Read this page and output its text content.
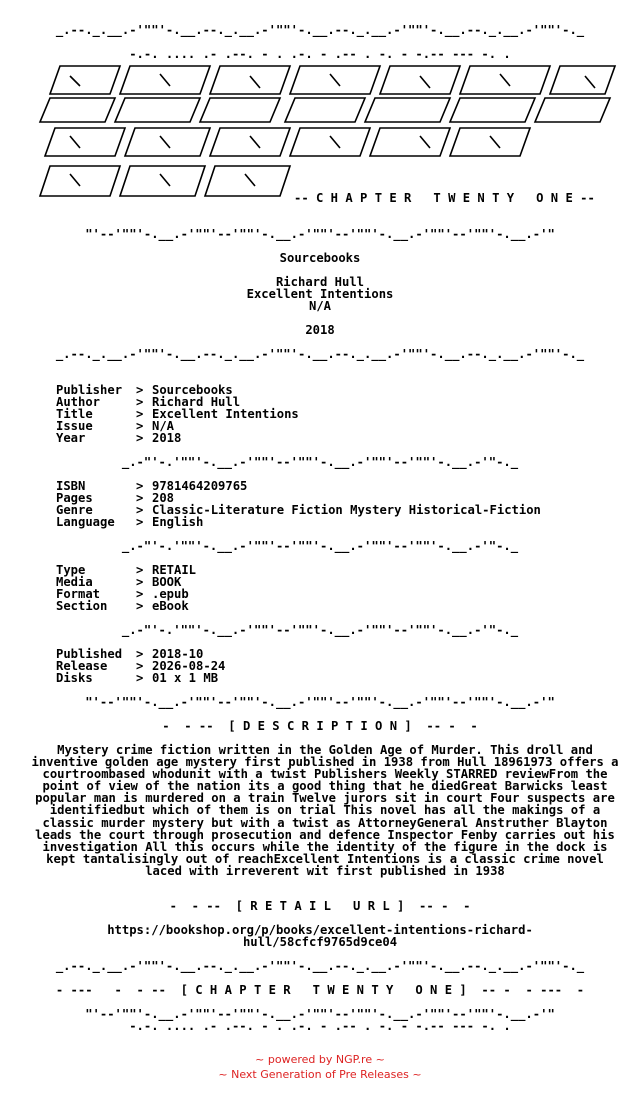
_.--._.__.-'""'-.__.--._.__.-'""'-.__.--._.__.-'""'-.__.--._.__.-'""'-._
-.-. .... .- .--. - . .-. - .-- . -. - -.-- --- -. .
-- C H A P T E R   T W E N T Y   O N E --
"'--'""'-.__.-'""'--'""'-.__.-'""'--'""'-.__.-'""'--'""'-.__.-'"
Sourcebooks
Richard Hull
Excellent Intentions
N/A
2018
_.--._.__.-'""'-.__.--._.__.-'""'-.__.--._.__.-'""'-.__.--._.__.-'""'-._
Publisher > Sourcebooks
Author	> Richard Hull
Title	> Excellent Intentions
Issue	> N/A
Year	> 2018
_.-"'-.'""'-.__.-'""'--'""'-.__.-'""'--'""'-.__.-'"-._
ISBN	> 9781464209765
Pages	> 208
Genre	> Classic-Literature Fiction Mystery Historical-Fiction
Language > English
_.-"'-.'""'-.__.-'""'--'""'-.__.-'""'--'""'-.__.-'"-._
Type	> RETAIL
Media	> BOOK
Format	> .epub
Section > eBook
_.-"'-.'""'-.__.-'""'--'""'-.__.-'""'--'""'-.__.-'"-._
Published > 2018-10
Release > 2026-08-24
Disks	> 01 x 1 MB
"'--'""'-.__.-'""'--'""'-.__.-'""'--'""'-.__.-'""'--'""'-.__.-'"
-  - --  [ D E S C R I P T I O N ]  -- -  -
Mystery crime fiction written in the Golden Age of Murder. This droll and inventive golden age mystery first published in 1938 from Hull 18961973 offers a courtroombased whodunit with a twist Publishers Weekly STARRED reviewFrom the point of view of the nation its a good thing that he diedGreat Barwicks least popular man is murdered on a train Twelve jurors sit in court Four suspects are identifiedbut which of them is on trial This novel has all the makings of a classic murder mystery but with a twist as AttorneyGeneral Anstruther Blayton leads the court through prosecution and defence Inspector Fenby carries out his investigation All this occurs while the identity of the figure in the dock is kept tantalisingly out of reachExcellent Intentions is a classic crime novel laced with irreverent wit first published in 1938
-  - --  [ R E T A I L   U R L ]  -- -  -
https://bookshop.org/p/books/excellent-intentions-richard-hull/58cfcf9765d9ce04
_.--._.__.-'""'-.__.--._.__.-'""'-.__.--._.__.-'""'-.__.--._.__.-'""'-._
- ---   -  - --  [ C H A P T E R   T W E N T Y   O N E ]  -- -  - ---  -
"'--'""'-.__.-'""'--'""'-.__.-'""'--'""'-.__.-'""'--'""'-.__.-'"
-.-. .... .- .--. - . .-. - .-- . -. - -.-- --- -. .
~ powered by NGP.re ~
~ Next Generation of Pre Releases ~
